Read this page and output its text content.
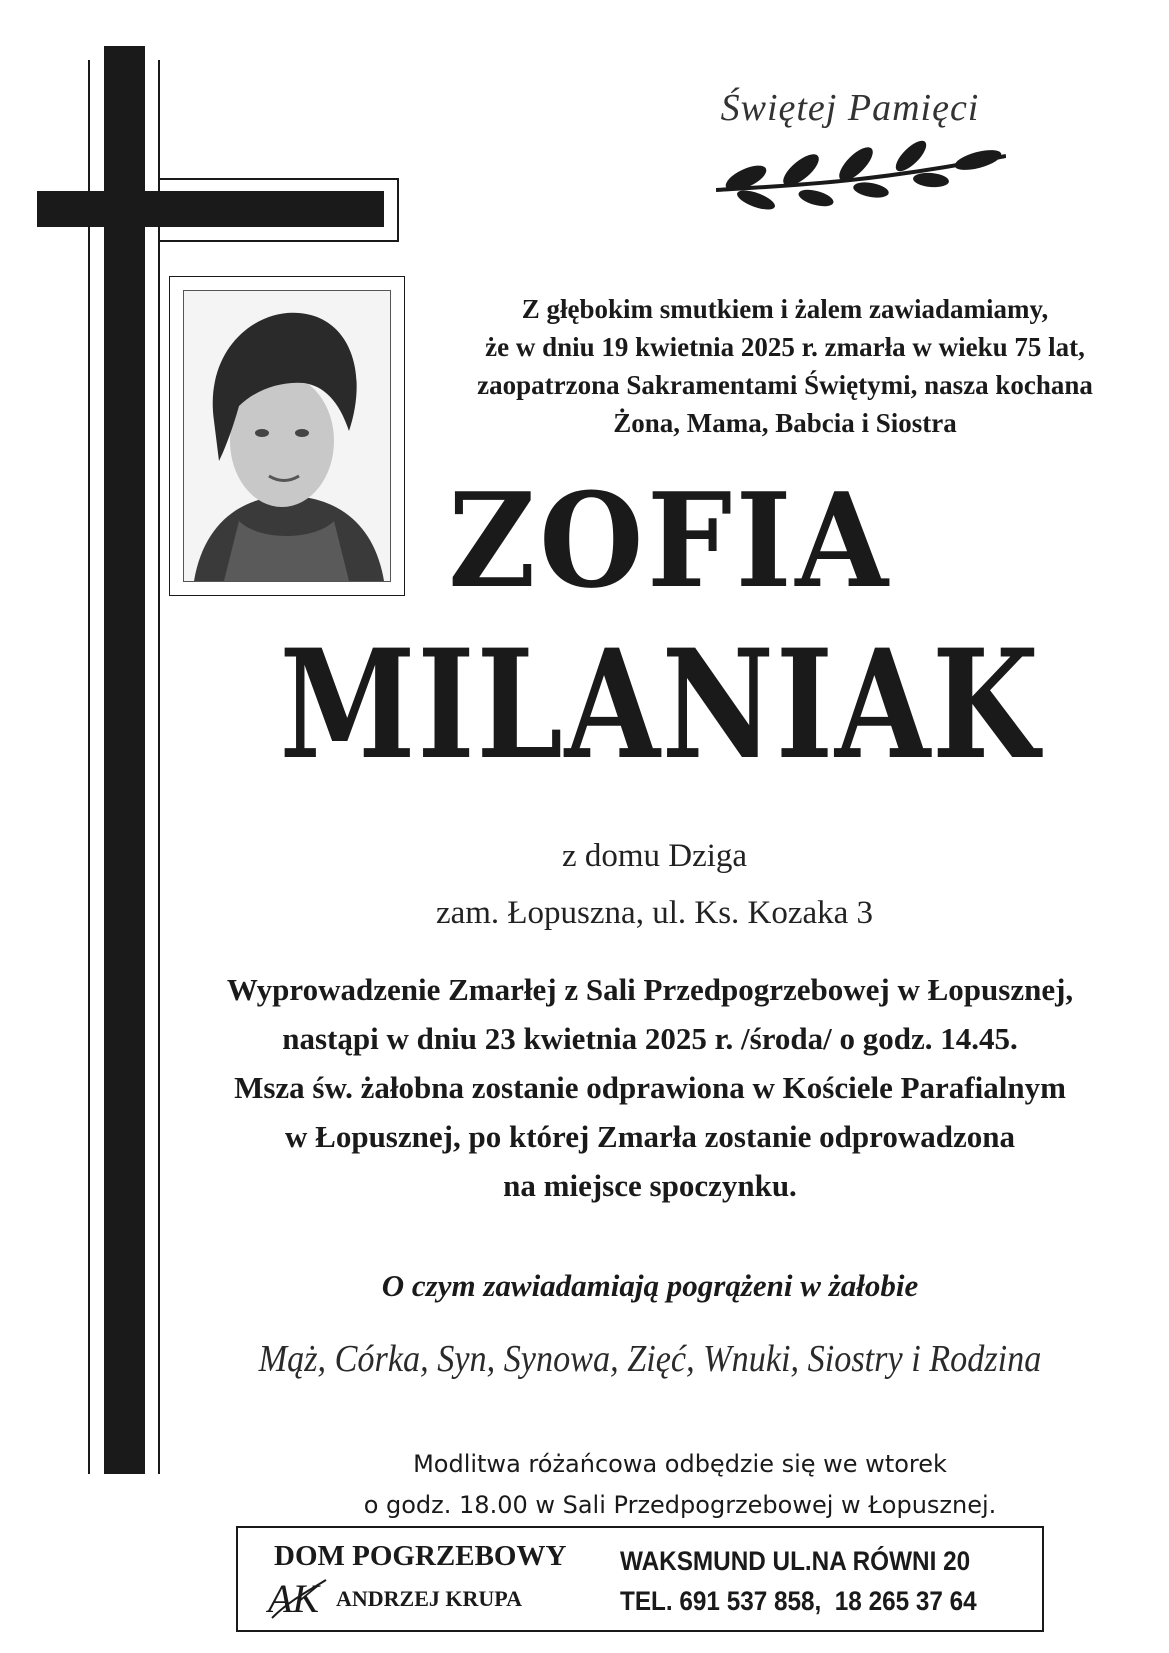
Świętej Pamięci
Z głębokim smutkiem i żalem zawiadamiamy,
że w dniu 19 kwietnia 2025 r. zmarła w wieku 75 lat,
zaopatrzona Sakramentami Świętymi, nasza kochana
Żona, Mama, Babcia i Siostra
ZOFIA
MILANIAK
z domu Dziga
zam. Łopuszna, ul. Ks. Kozaka 3
Wyprowadzenie Zmarłej z Sali Przedpogrzebowej w Łopusznej,
nastąpi w dniu 23 kwietnia 2025 r. /środa/ o godz. 14.45.
Msza św. żałobna zostanie odprawiona w Kościele Parafialnym
w Łopusznej, po której Zmarła zostanie odprowadzona
na miejsce spoczynku.
O czym zawiadamiają pogrążeni w żałobie
Mąż, Córka, Syn, Synowa, Zięć, Wnuki, Siostry i Rodzina
Modlitwa różańcowa odbędzie się we wtorek
o godz. 18.00 w Sali Przedpogrzebowej w Łopusznej.
DOM POGRZEBOWY
AK ANDRZEJ KRUPA
WAKSMUND UL.NA RÓWNI 20
TEL. 691 537 858,  18 265 37 64
